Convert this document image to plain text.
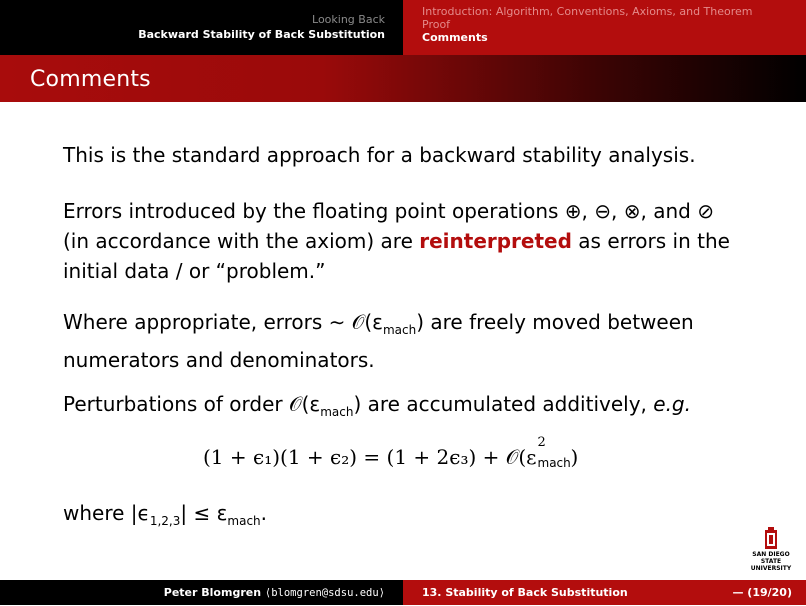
Looking Back
Backward Stability of Back Substitution
Introduction: Algorithm, Conventions, Axioms, and Theorem
Proof
Comments
Comments

This is the standard approach for a backward stability analysis.

Errors introduced by the floating point operations ⊕, ⊖, ⊗, and ⊘
(in accordance with the axiom) are reinterpreted as errors in the
initial data / or “problem.”

Where appropriate, errors ∼ $𝒪(\varepsilon_{mach})$ are freely moved between
numerators and denominators.

Perturbations of order $𝒪(\varepsilon_{mach})$ are accumulated additively, e.g.

(1 + ϵ₁)(1 + ϵ₂) = (1 + 2ϵ₃) + 𝒪(ε
2
mach )

where $|\epsilon_{1,2,3}| \le \varepsilon_{mach}$.

SAN DIEGO STATE
UNIVERSITY
Peter Blomgren ⟨blomgren@sdsu.edu⟩	13. Stability of Back Substitution	— (19/20)
